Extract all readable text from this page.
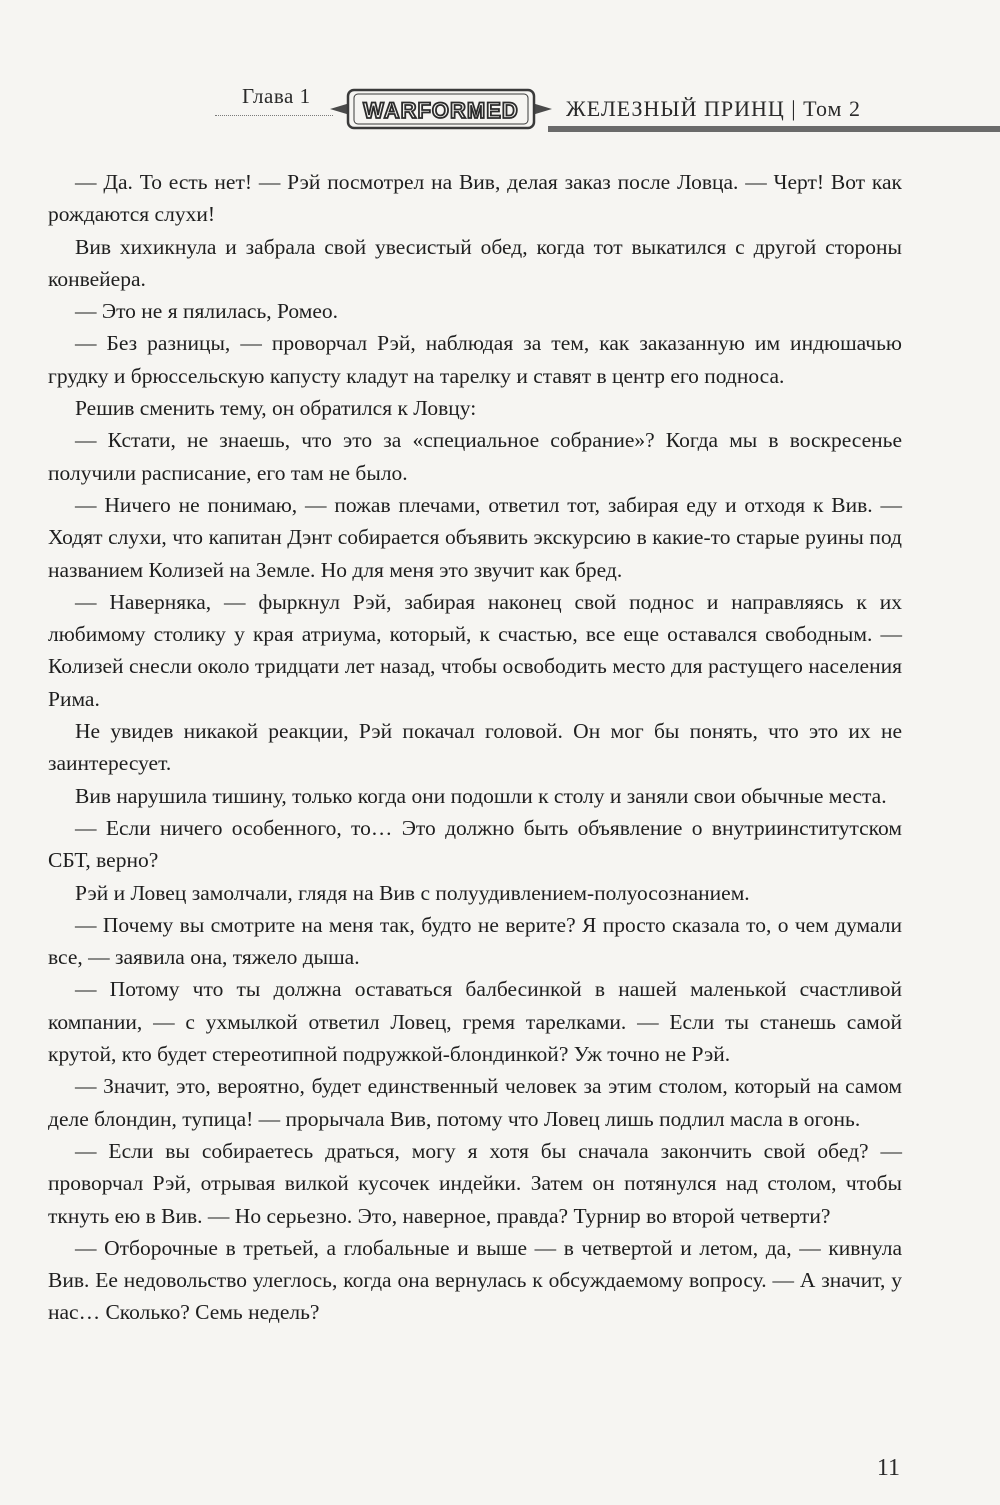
Глава 1
WARFORMED ЖЕЛЕЗНЫЙ ПРИНЦ | Том 2

— Да. То есть нет! — Рэй посмотрел на Вив, делая заказ после Ловца. — Черт! Вот как рождаются слухи!

Вив хихикнула и забрала свой увесистый обед, когда тот выкатился с другой стороны конвейера.

— Это не я пялилась, Ромео.

— Без разницы, — проворчал Рэй, наблюдая за тем, как заказанную им индюшачью грудку и брюссельскую капусту кладут на тарелку и ставят в центр его подноса.

Решив сменить тему, он обратился к Ловцу:

— Кстати, не знаешь, что это за «специальное собрание»? Когда мы в воскресенье получили расписание, его там не было.

— Ничего не понимаю, — пожав плечами, ответил тот, забирая еду и отходя к Вив. — Ходят слухи, что капитан Дэнт собирается объявить экскурсию в какие-то старые руины под названием Колизей на Земле. Но для меня это звучит как бред.

— Наверняка, — фыркнул Рэй, забирая наконец свой поднос и направляясь к их любимому столику у края атриума, который, к счастью, все еще оставался свободным. — Колизей снесли около тридцати лет назад, чтобы освободить место для растущего населения Рима.

Не увидев никакой реакции, Рэй покачал головой. Он мог бы понять, что это их не заинтересует.

Вив нарушила тишину, только когда они подошли к столу и заняли свои обычные места.

— Если ничего особенного, то… Это должно быть объявление о внутриинститутском СБТ, верно?

Рэй и Ловец замолчали, глядя на Вив с полуудивлением-полуосознанием.

— Почему вы смотрите на меня так, будто не верите? Я просто сказала то, о чем думали все, — заявила она, тяжело дыша.

— Потому что ты должна оставаться балбесинкой в нашей маленькой счастливой компании, — с ухмылкой ответил Ловец, гремя тарелками. — Если ты станешь самой крутой, кто будет стереотипной подружкой-блондинкой? Уж точно не Рэй.

— Значит, это, вероятно, будет единственный человек за этим столом, который на самом деле блондин, тупица! — прорычала Вив, потому что Ловец лишь подлил масла в огонь.

— Если вы собираетесь драться, могу я хотя бы сначала закончить свой обед? — проворчал Рэй, отрывая вилкой кусочек индейки. Затем он потянулся над столом, чтобы ткнуть ею в Вив. — Но серьезно. Это, наверное, правда? Турнир во второй четверти?

— Отборочные в третьей, а глобальные и выше — в четвертой и летом, да, — кивнула Вив. Ее недовольство улеглось, когда она вернулась к обсуждаемому вопросу. — А значит, у нас… Сколько? Семь недель?

11
